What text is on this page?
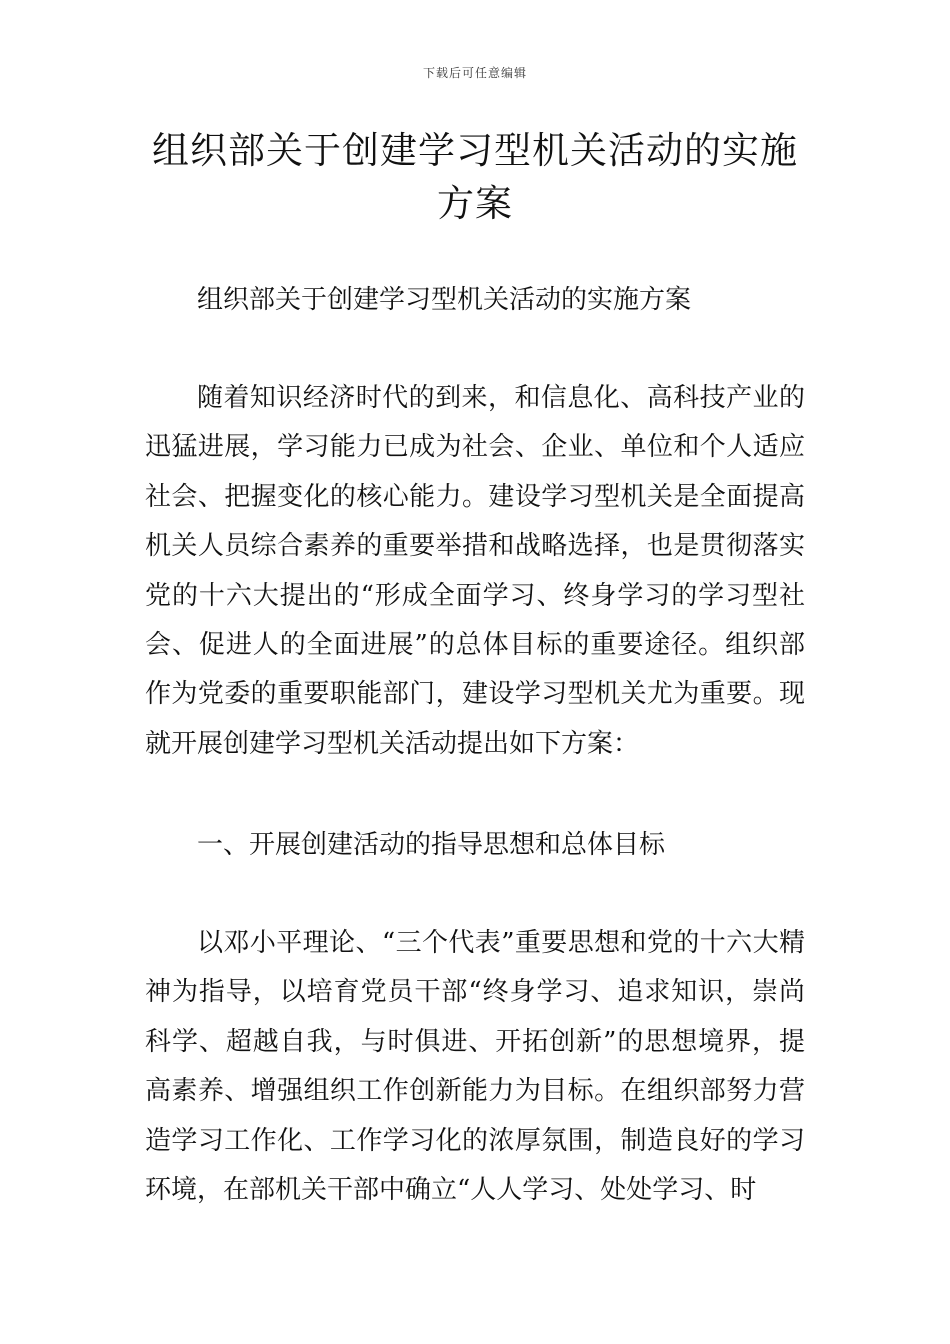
下载后可任意编辑
组织部关于创建学习型机关活动的实施方案

组织部关于创建学习型机关活动的实施方案

随着知识经济时代的到来，和信息化、高科技产业的迅猛进展，学习能力已成为社会、企业、单位和个人适应社会、把握变化的核心能力。建设学习型机关是全面提高机关人员综合素养的重要举措和战略选择，也是贯彻落实党的十六大提出的“形成全面学习、终身学习的学习型社会、促进人的全面进展”的总体目标的重要途径。组织部作为党委的重要职能部门，建设学习型机关尤为重要。现就开展创建学习型机关活动提出如下方案：

一、开展创建活动的指导思想和总体目标

以邓小平理论、“三个代表”重要思想和党的十六大精神为指导，以培育党员干部“终身学习、追求知识，崇尚科学、超越自我，与时俱进、开拓创新”的思想境界，提高素养、增强组织工作创新能力为目标。在组织部努力营造学习工作化、工作学习化的浓厚氛围，制造良好的学习环境，在部机关干部中确立“人人学习、处处学习、时
